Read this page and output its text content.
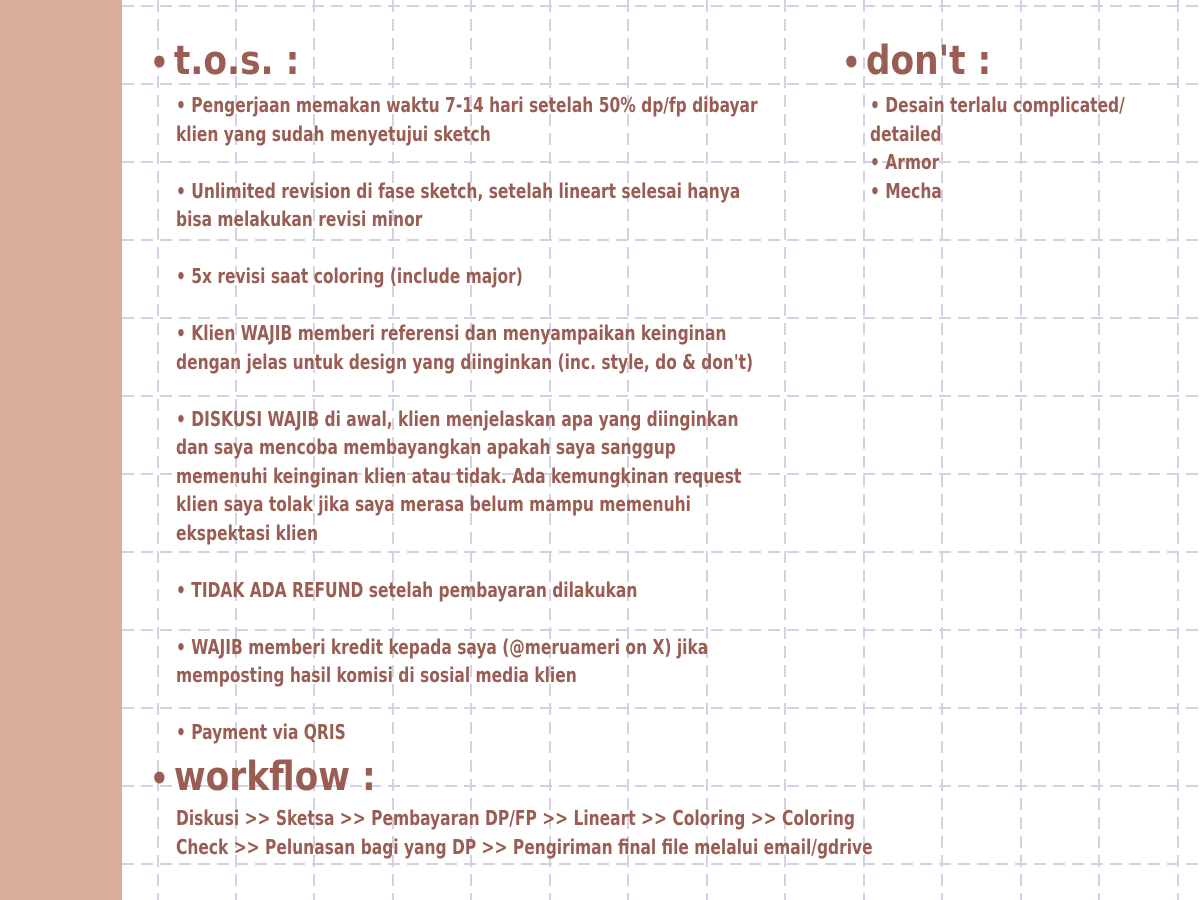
• t.o.s. :
• Pengerjaan memakan waktu 7-14 hari setelah 50% dp/fp dibayar
klien yang sudah menyetujui sketch
• Unlimited revision di fase sketch, setelah lineart selesai hanya
bisa melakukan revisi minor
• 5x revisi saat coloring (include major)
• Klien WAJIB memberi referensi dan menyampaikan keinginan
dengan jelas untuk design yang diinginkan (inc. style, do & don't)
• DISKUSI WAJIB di awal, klien menjelaskan apa yang diinginkan
dan saya mencoba membayangkan apakah saya sanggup
memenuhi keinginan klien atau tidak. Ada kemungkinan request
klien saya tolak jika saya merasa belum mampu memenuhi
ekspektasi klien
• TIDAK ADA REFUND setelah pembayaran dilakukan
• WAJIB memberi kredit kepada saya (@meruameri on X) jika
memposting hasil komisi di sosial media klien
• Payment via QRIS
• don't :
• Desain terlalu complicated/
detailed
• Armor
• Mecha
• workflow :
Diskusi >> Sketsa >> Pembayaran DP/FP >> Lineart >> Coloring >> Coloring
Check >> Pelunasan bagi yang DP >> Pengiriman final file melalui email/gdrive
